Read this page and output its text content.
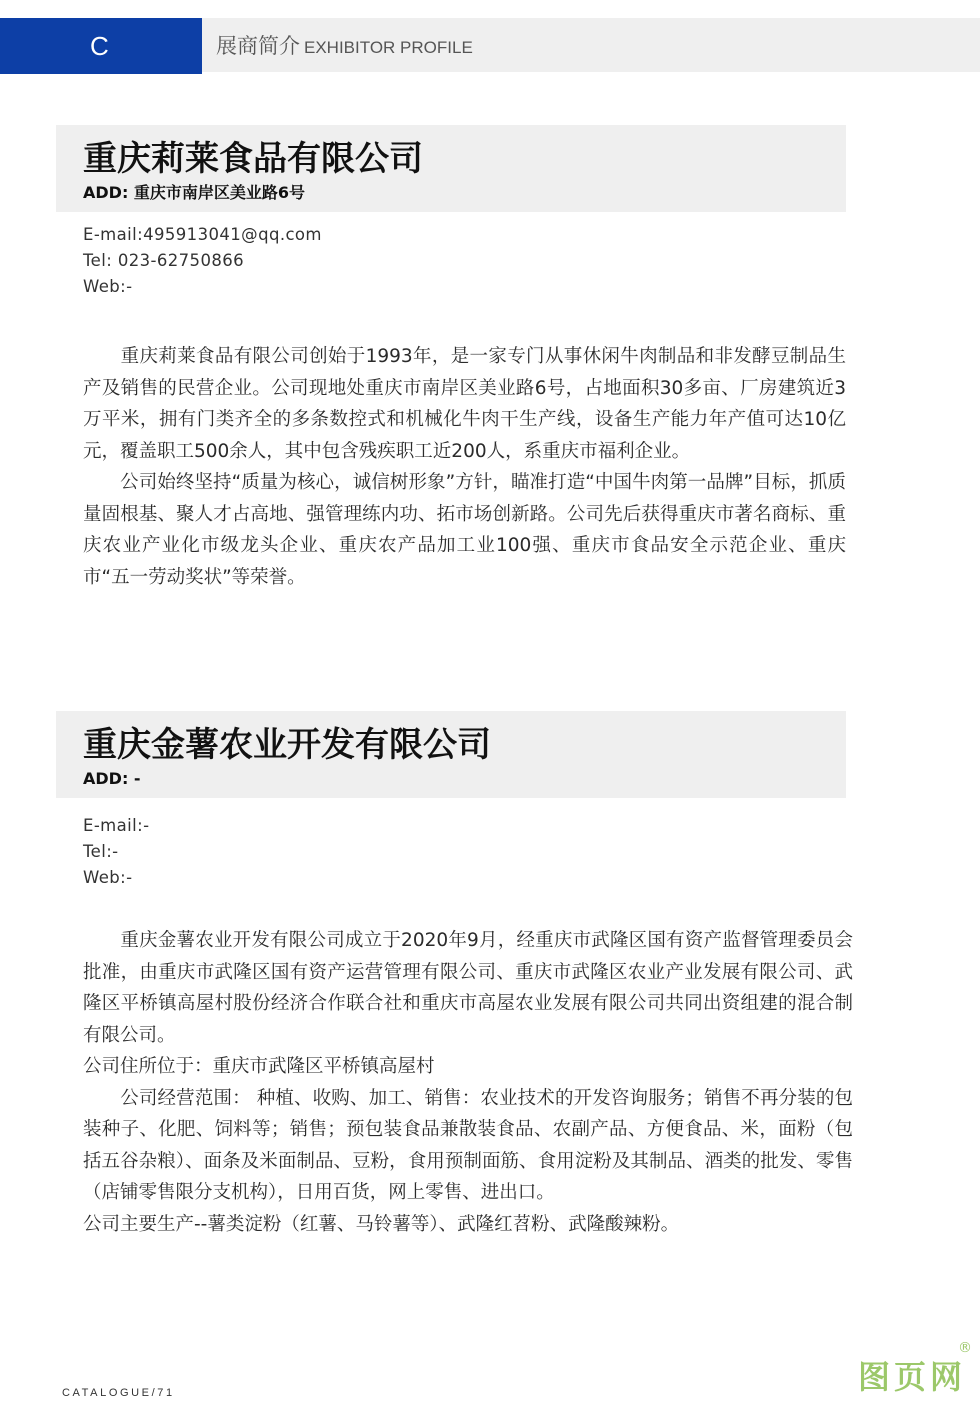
C	展商简介 EXHIBITOR PROFILE
重庆莉莱食品有限公司
ADD: 重庆市南岸区美业路6号
E-mail:495913041@qq.com
Tel: 023-62750866
Web:-

　　重庆莉莱食品有限公司创始于1993年，是一家专门从事休闲牛肉制品和非发酵豆制品生产及销售的民营企业。公司现地处重庆市南岸区美业路6号，占地面积30多亩、厂房建筑近3万平米，拥有门类齐全的多条数控式和机械化牛肉干生产线，设备生产能力年产值可达10亿元，覆盖职工500余人，其中包含残疾职工近200人，系重庆市福利企业。

　　公司始终坚持“质量为核心，诚信树形象”方针，瞄准打造“中国牛肉第一品牌”目标，抓质量固根基、聚人才占高地、强管理练内功、拓市场创新路。公司先后获得重庆市著名商标、重庆农业产业化市级龙头企业、重庆农产品加工业100强、重庆市食品安全示范企业、重庆市“五一劳动奖状”等荣誉。

重庆金薯农业开发有限公司
ADD: -
E-mail:-
Tel:-
Web:-

　　重庆金薯农业开发有限公司成立于2020年9月，经重庆市武隆区国有资产监督管理委员会批准，由重庆市武隆区国有资产运营管理有限公司、重庆市武隆区农业产业发展有限公司、武隆区平桥镇高屋村股份经济合作联合社和重庆市高屋农业发展有限公司共同出资组建的混合制有限公司。

公司住所位于：重庆市武隆区平桥镇高屋村

　　公司经营范围： 种植、收购、加工、销售：农业技术的开发咨询服务；销售不再分装的包装种子、化肥、饲料等；销售；预包装食品兼散装食品、农副产品、方便食品、米，面粉（包括五谷杂粮）、面条及米面制品、豆粉，食用预制面筋、食用淀粉及其制品、酒类的批发、零售（店铺零售限分支机构），日用百货，网上零售、进出口。

公司主要生产--薯类淀粉（红薯、马铃薯等）、武隆红苕粉、武隆酸辣粉。

CATALOGUE/71	图页网
®
